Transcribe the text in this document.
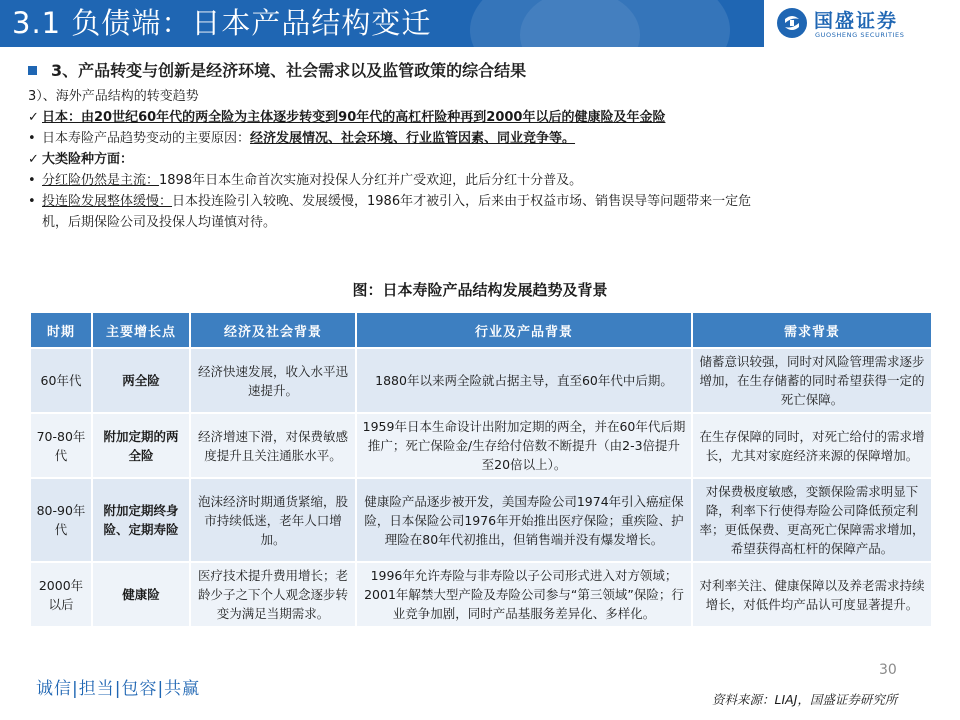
3.1 负债端：日本产品结构变迁	国盛证券
GUOSHENG SECURITIES
3、产品转变与创新是经济环境、社会需求以及监管政策的综合结果
3）、海外产品结构的转变趋势
✓ 日本：由20世纪60年代的两全险为主体逐步转变到90年代的高杠杆险种再到2000年以后的健康险及年金险
• 日本寿险产品趋势变动的主要原因：经济发展情况、社会环境、行业监管因素、同业竞争等。
✓ 大类险种方面：
• 分红险仍然是主流：1898年日本生命首次实施对投保人分红并广受欢迎，此后分红十分普及。
• 投连险发展整体缓慢：日本投连险引入较晚、发展缓慢，1986年才被引入，后来由于权益市场、销售误导等问题带来一定危
机，后期保险公司及投保人均谨慎对待。
图：日本寿险产品结构发展趋势及背景
时期	主要增长点	经济及社会背景	行业及产品背景	需求背景
60年代	两全险	经济快速发展，收入水平迅速提升。	1880年以来两全险就占据主导，直至60年代中后期。	储蓄意识较强，同时对风险管理需求逐步增加，在生存储蓄的同时希望获得一定的死亡保障。
70-80年代	附加定期的两全险	经济增速下滑，对保费敏感度提升且关注通胀水平。	1959年日本生命设计出附加定期的两全，并在60年代后期推广；死亡保险金/生存给付倍数不断提升（由2-3倍提升至20倍以上）。	在生存保障的同时，对死亡给付的需求增长，尤其对家庭经济来源的保障增加。
80-90年代	附加定期终身险、定期寿险	泡沫经济时期通货紧缩，股市持续低迷，老年人口增加。	健康险产品逐步被开发，美国寿险公司1974年引入癌症保险，日本保险公司1976年开始推出医疗保险；重疾险、护理险在80年代初推出，但销售端并没有爆发增长。	对保费极度敏感，变额保险需求明显下降，利率下行使得寿险公司降低预定利率；更低保费、更高死亡保障需求增加，希望获得高杠杆的保障产品。
2000年以后	健康险	医疗技术提升费用增长；老龄少子之下个人观念逐步转变为满足当期需求。	1996年允许寿险与非寿险以子公司形式进入对方领域；2001年解禁大型产险及寿险公司参与“第三领域”保险；行业竞争加剧，同时产品基服务差异化、多样化。	对利率关注、健康保障以及养老需求持续增长，对低件均产品认可度显著提升。
30
诚信|担当|包容|共赢
资料来源：LIAJ，国盛证券研究所
